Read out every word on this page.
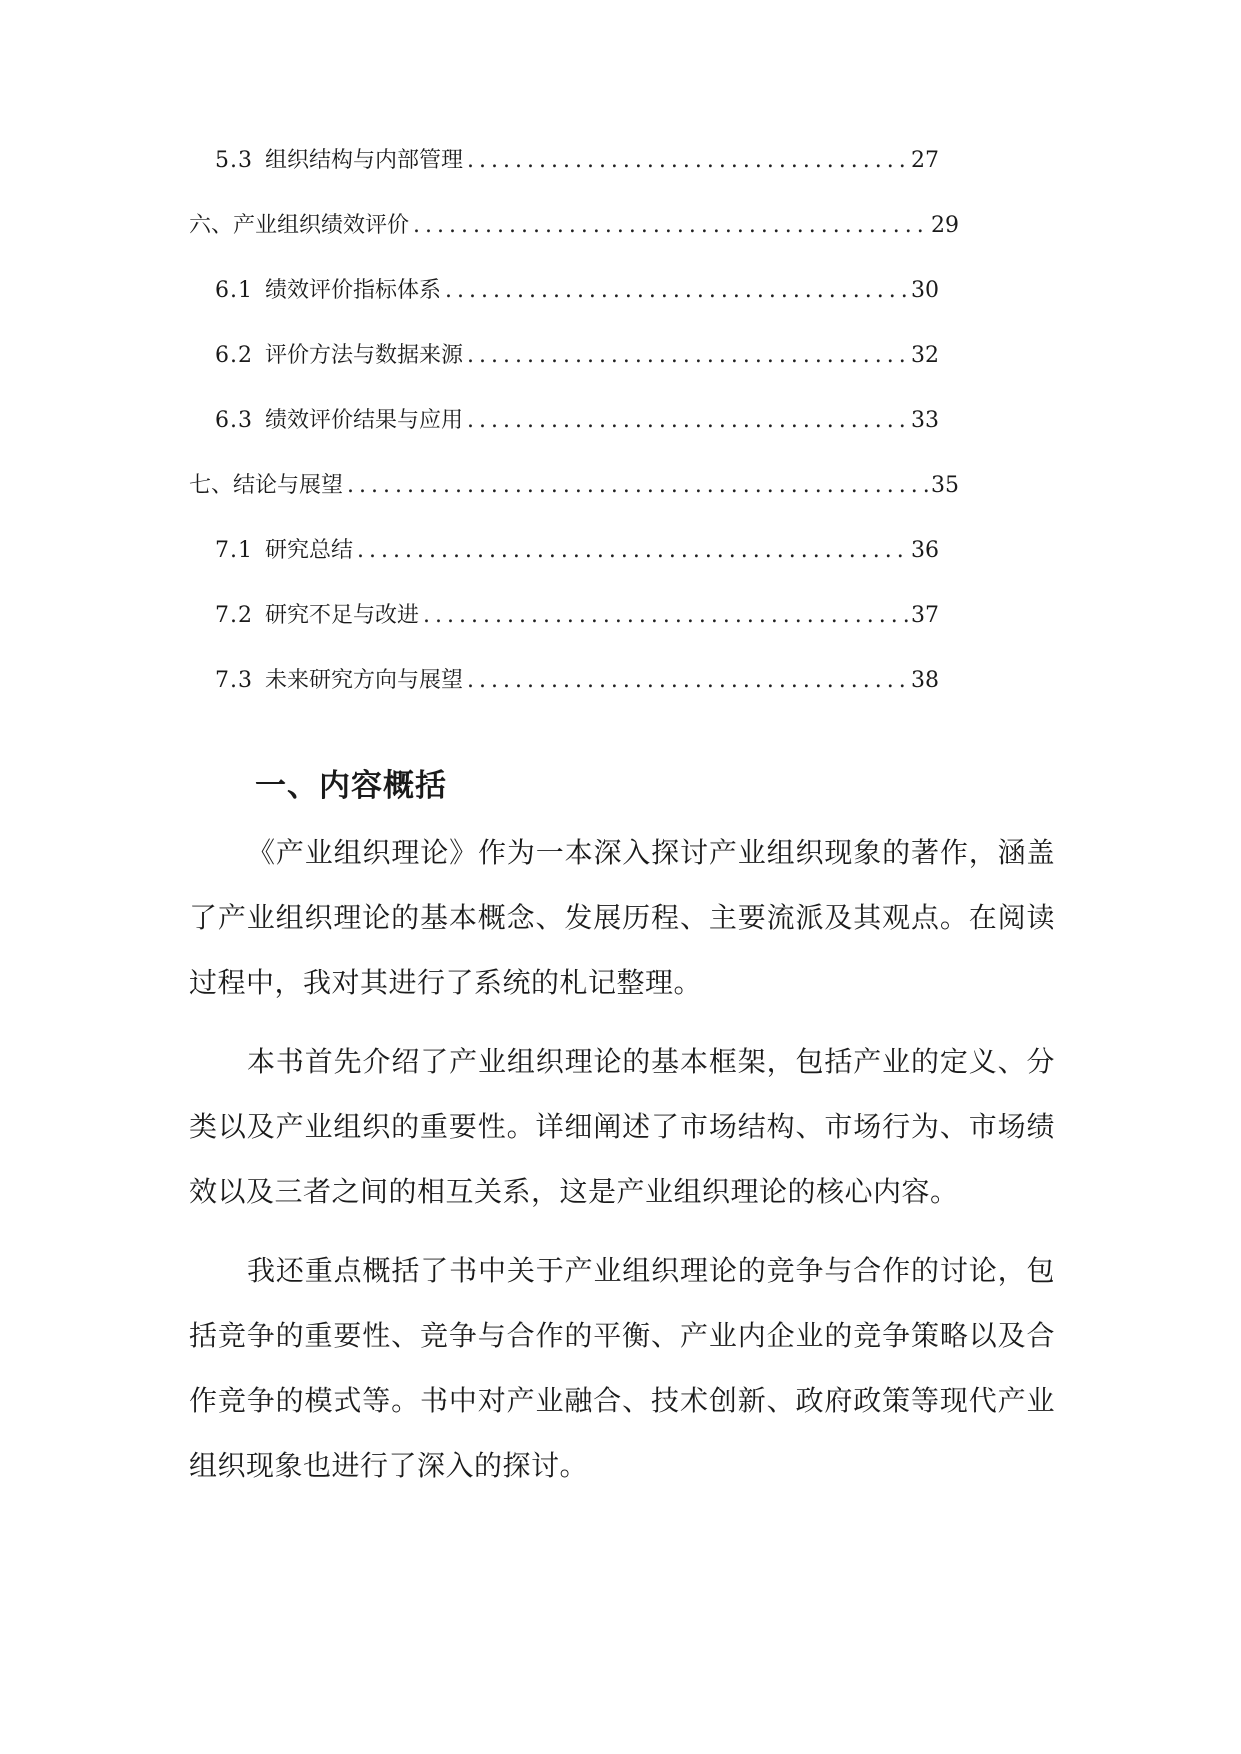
5.3 组织结构与内部管理 .....	27
六、产业组织绩效评价 .....	29
6.1 绩效评价指标体系 .....	30
6.2 评价方法与数据来源 .....	32
6.3 绩效评价结果与应用 .....	33
七、结论与展望 .....	35
7.1 研究总结 .....	36
7.2 研究不足与改进 .....	37
7.3 未来研究方向与展望 .....	38
一、内容概括

《产业组织理论》作为一本深入探讨产业组织现象的著作，涵盖了产业组织理论的基本概念、发展历程、主要流派及其观点。在阅读过程中，我对其进行了系统的札记整理。

本书首先介绍了产业组织理论的基本框架，包括产业的定义、分类以及产业组织的重要性。详细阐述了市场结构、市场行为、市场绩效以及三者之间的相互关系，这是产业组织理论的核心内容。

我还重点概括了书中关于产业组织理论的竞争与合作的讨论，包括竞争的重要性、竞争与合作的平衡、产业内企业的竞争策略以及合作竞争的模式等。书中对产业融合、技术创新、政府政策等现代产业组织现象也进行了深入的探讨。
